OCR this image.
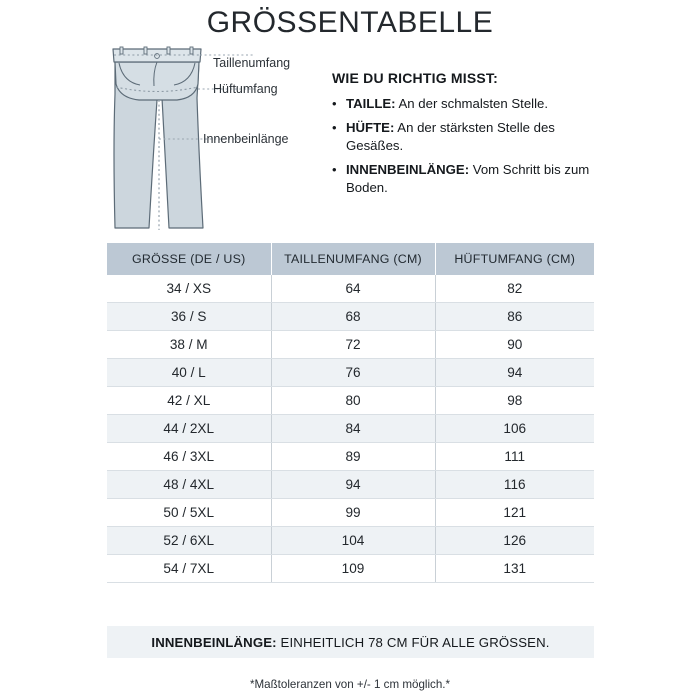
GRÖSSENTABELLE
Taillenumfang
Hüftumfang
Innenbeinlänge
WIE DU RICHTIG MISST:
• TAILLE: An der schmalsten Stelle.
• HÜFTE: An der stärksten Stelle des Gesäßes.
• INNENBEINLÄNGE: Vom Schritt bis zum Boden.
GRÖSSE (DE / US)	TAILLENUMFANG (CM)	HÜFTUMFANG (CM)
34 / XS	64	82
36 / S	68	86
38 / M	72	90
40 / L	76	94
42 / XL	80	98
44 / 2XL	84	106
46 / 3XL	89	111
48 / 4XL	94	116
50 / 5XL	99	121
52 / 6XL	104	126
54 / 7XL	109	131
INNENBEINLÄNGE: EINHEITLICH 78 CM FÜR ALLE GRÖSSEN.
*Maßtoleranzen von +/- 1 cm möglich.*
